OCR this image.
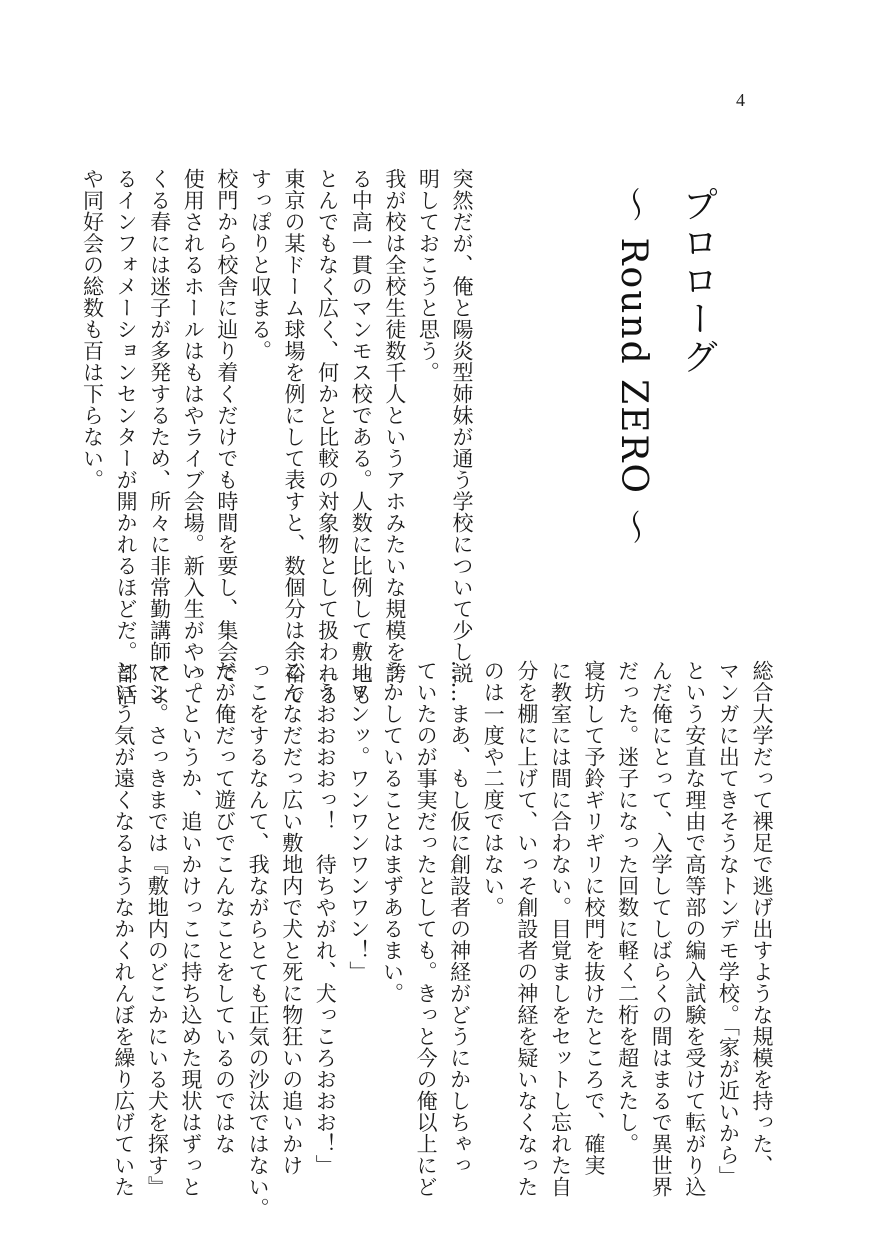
4
プロローグ
～ Round ZERO ～

突然だが、俺と陽炎型姉妹が通う学校について少し説

明しておこうと思う。

我が校は全校生徒数千人というアホみたいな規模を誇

る中高一貫のマンモス校である。人数に比例して敷地も

とんでもなく広く、何かと比較の対象物として扱われる

東京の某ドーム球場を例にして表すと、数個分は余裕で

すっぽりと収まる。

校門から校舎に辿り着くだけでも時間を要し、集会で

使用されるホールはもはやライブ会場。新入生がやって

くる春には迷子が多発するため、所々に非常勤講師によ

るインフォメーションセンターが開かれるほどだ。部活

や同好会の総数も百は下らない。

総合大学だって裸足で逃げ出すような規模を持った、

マンガに出てきそうなトンデモ学校。「家が近いから」

という安直な理由で高等部の編入試験を受けて転がり込

んだ俺にとって、入学してしばらくの間はまるで異世界

だった。迷子になった回数に軽く二桁を超えたし。

寝坊して予鈴ギリギリに校門を抜けたところで、確実

に教室には間に合わない。目覚ましをセットし忘れた自

分を棚に上げて、いっそ創設者の神経を疑いなくなった

のは一度や二度ではない。

……まあ、もし仮に創設者の神経がどうにかしちゃっ

ていたのが事実だったとしても。きっと今の俺以上にど

うかしていることはまずあるまい。

「ワンッ。ワンワンワンワン！」

「うおおおおっ！　待ちやがれ、犬っころおおお！」

こんなだだっ広い敷地内で犬と死に物狂いの追いかけ

っこをするなんて、我ながらとても正気の沙汰ではない。

だが俺だって遊びでこんなことをしているのではな

い。というか、追いかけっこに持ち込めた現状はずっと

マシ。さっきまでは『敷地内のどこかにいる犬を探す』

という気が遠くなるようなかくれんぼを繰り広げていた
